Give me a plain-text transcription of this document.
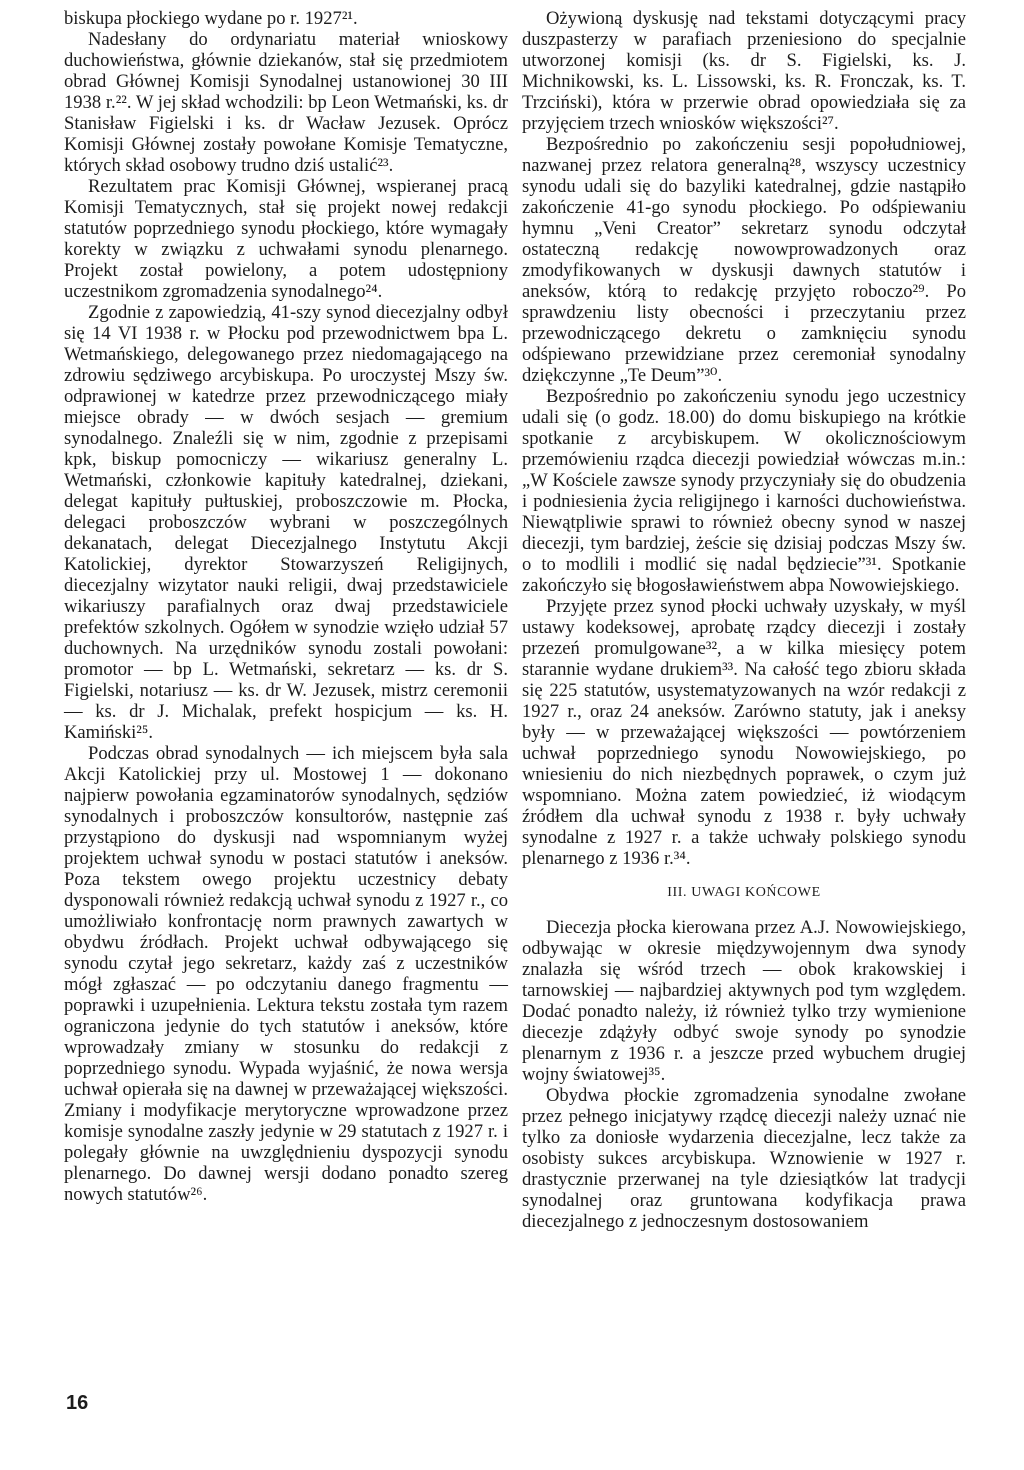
biskupa płockiego wydane po r. 1927²¹.

Nadesłany do ordynariatu materiał wnioskowy duchowieństwa, głównie dziekanów, stał się przedmiotem obrad Głównej Komisji Synodalnej ustanowionej 30 III 1938 r.²². W jej skład wchodzili: bp Leon Wetmański, ks. dr Stanisław Figielski i ks. dr Wacław Jezusek. Oprócz Komisji Głównej zostały powołane Komisje Tematyczne, których skład osobowy trudno dziś ustalić²³.

Rezultatem prac Komisji Głównej, wspieranej pracą Komisji Tematycznych, stał się projekt nowej redakcji statutów poprzedniego synodu płockiego, które wymagały korekty w związku z uchwałami synodu plenarnego. Projekt został powielony, a potem udostępniony uczestnikom zgromadzenia synodalnego²⁴.

Zgodnie z zapowiedzią, 41-szy synod diecezjalny odbył się 14 VI 1938 r. w Płocku pod przewodnictwem bpa L. Wetmańskiego, delegowanego przez niedomagającego na zdrowiu sędziwego arcybiskupa. Po uroczystej Mszy św. odprawionej w katedrze przez przewodniczącego miały miejsce obrady — w dwóch sesjach — gremium synodalnego. Znaleźli się w nim, zgodnie z przepisami kpk, biskup pomocniczy — wikariusz generalny L. Wetmański, członkowie kapituły katedralnej, dziekani, delegat kapituły pułtuskiej, proboszczowie m. Płocka, delegaci proboszczów wybrani w poszczególnych dekanatach, delegat Diecezjalnego Instytutu Akcji Katolickiej, dyrektor Stowarzyszeń Religijnych, diecezjalny wizytator nauki religii, dwaj przedstawiciele wikariuszy parafialnych oraz dwaj przedstawiciele prefektów szkolnych. Ogółem w synodzie wzięło udział 57 duchownych. Na urzędników synodu zostali powołani: promotor — bp L. Wetmański, sekretarz — ks. dr S. Figielski, notariusz — ks. dr W. Jezusek, mistrz ceremonii — ks. dr J. Michalak, prefekt hospicjum — ks. H. Kamiński²⁵.

Podczas obrad synodalnych — ich miejscem była sala Akcji Katolickiej przy ul. Mostowej 1 — dokonano najpierw powołania egzaminatorów synodalnych, sędziów synodalnych i proboszczów konsultorów, następnie zaś przystąpiono do dyskusji nad wspomnianym wyżej projektem uchwał synodu w postaci statutów i aneksów. Poza tekstem owego projektu uczestnicy debaty dysponowali również redakcją uchwał synodu z 1927 r., co umożliwiało konfrontację norm prawnych zawartych w obydwu źródłach. Projekt uchwał odbywającego się synodu czytał jego sekretarz, każdy zaś z uczestników mógł zgłaszać — po odczytaniu danego fragmentu — poprawki i uzupełnienia. Lektura tekstu została tym razem ograniczona jedynie do tych statutów i aneksów, które wprowadzały zmiany w stosunku do redakcji z poprzedniego synodu. Wypada wyjaśnić, że nowa wersja uchwał opierała się na dawnej w przeważającej większości. Zmiany i modyfikacje merytoryczne wprowadzone przez komisje synodalne zaszły jedynie w 29 statutach z 1927 r. i polegały głównie na uwzględnieniu dyspozycji synodu plenarnego. Do dawnej wersji dodano ponadto szereg nowych statutów²⁶.

Ożywioną dyskusję nad tekstami dotyczącymi pracy duszpasterzy w parafiach przeniesiono do specjalnie utworzonej komisji (ks. dr S. Figielski, ks. J. Michnikowski, ks. L. Lissowski, ks. R. Fronczak, ks. T. Trzciński), która w przerwie obrad opowiedziała się za przyjęciem trzech wniosków większości²⁷.

Bezpośrednio po zakończeniu sesji popołudniowej, nazwanej przez relatora generalną²⁸, wszyscy uczestnicy synodu udali się do bazyliki katedralnej, gdzie nastąpiło zakończenie 41-go synodu płockiego. Po odśpiewaniu hymnu „Veni Creator” sekretarz synodu odczytał ostateczną redakcję nowowprowadzonych oraz zmodyfikowanych w dyskusji dawnych statutów i aneksów, którą to redakcję przyjęto roboczo²⁹. Po sprawdzeniu listy obecności i przeczytaniu przez przewodniczącego dekretu o zamknięciu synodu odśpiewano przewidziane przez ceremoniał synodalny dziękczynne „Te Deum”³⁰.

Bezpośrednio po zakończeniu synodu jego uczestnicy udali się (o godz. 18.00) do domu biskupiego na krótkie spotkanie z arcybiskupem. W okolicznościowym przemówieniu rządca diecezji powiedział wówczas m.in.: „W Kościele zawsze synody przyczyniały się do obudzenia i podniesienia życia religijnego i karności duchowieństwa. Niewątpliwie sprawi to również obecny synod w naszej diecezji, tym bardziej, żeście się dzisiaj podczas Mszy św. o to modlili i modlić się nadal będziecie”³¹. Spotkanie zakończyło się błogosławieństwem abpa Nowowiejskiego.

Przyjęte przez synod płocki uchwały uzyskały, w myśl ustawy kodeksowej, aprobatę rządcy diecezji i zostały przezeń promulgowane³², a w kilka miesięcy potem starannie wydane drukiem³³. Na całość tego zbioru składa się 225 statutów, usystematyzowanych na wzór redakcji z 1927 r., oraz 24 aneksów. Zarówno statuty, jak i aneksy były — w przeważającej większości — powtórzeniem uchwał poprzedniego synodu Nowowiejskiego, po wniesieniu do nich niezbędnych poprawek, o czym już wspomniano. Można zatem powiedzieć, iż wiodącym źródłem dla uchwał synodu z 1938 r. były uchwały synodalne z 1927 r. a także uchwały polskiego synodu plenarnego z 1936 r.³⁴.

III. UWAGI KOŃCOWE

Diecezja płocka kierowana przez A.J. Nowowiejskiego, odbywając w okresie międzywojennym dwa synody znalazła się wśród trzech — obok krakowskiej i tarnowskiej — najbardziej aktywnych pod tym względem. Dodać ponadto należy, iż również tylko trzy wymienione diecezje zdążyły odbyć swoje synody po synodzie plenarnym z 1936 r. a jeszcze przed wybuchem drugiej wojny światowej³⁵.

Obydwa płockie zgromadzenia synodalne zwołane przez pełnego inicjatywy rządcę diecezji należy uznać nie tylko za doniosłe wydarzenia diecezjalne, lecz także za osobisty sukces arcybiskupa. Wznowienie w 1927 r. drastycznie przerwanej na tyle dziesiątków lat tradycji synodalnej oraz gruntowana kodyfikacja prawa diecezjalnego z jednoczesnym dostosowaniem

16
